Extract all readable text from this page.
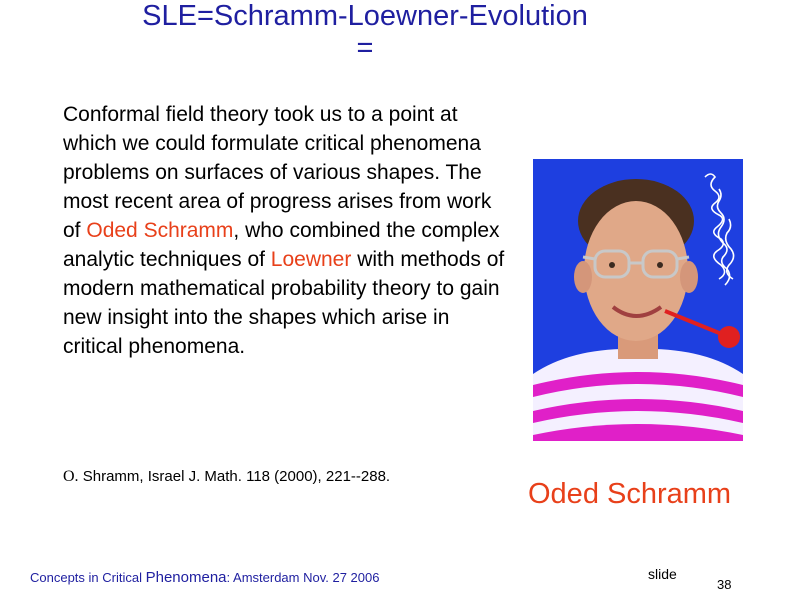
SLE=Schramm-Loewner-Evolution
=
Conformal field theory took us to a point at which we could formulate critical phenomena problems on surfaces of various shapes. The most recent area of progress arises from work of Oded Schramm, who combined the complex analytic techniques of Loewner with methods of modern mathematical probability theory to gain new insight into the shapes which arise in critical phenomena.
O. Shramm, Israel J. Math. 118 (2000), 221--288.
Oded Schramm
Concepts in Critical Phenomena: Amsterdam Nov. 27 2006	slide
38
